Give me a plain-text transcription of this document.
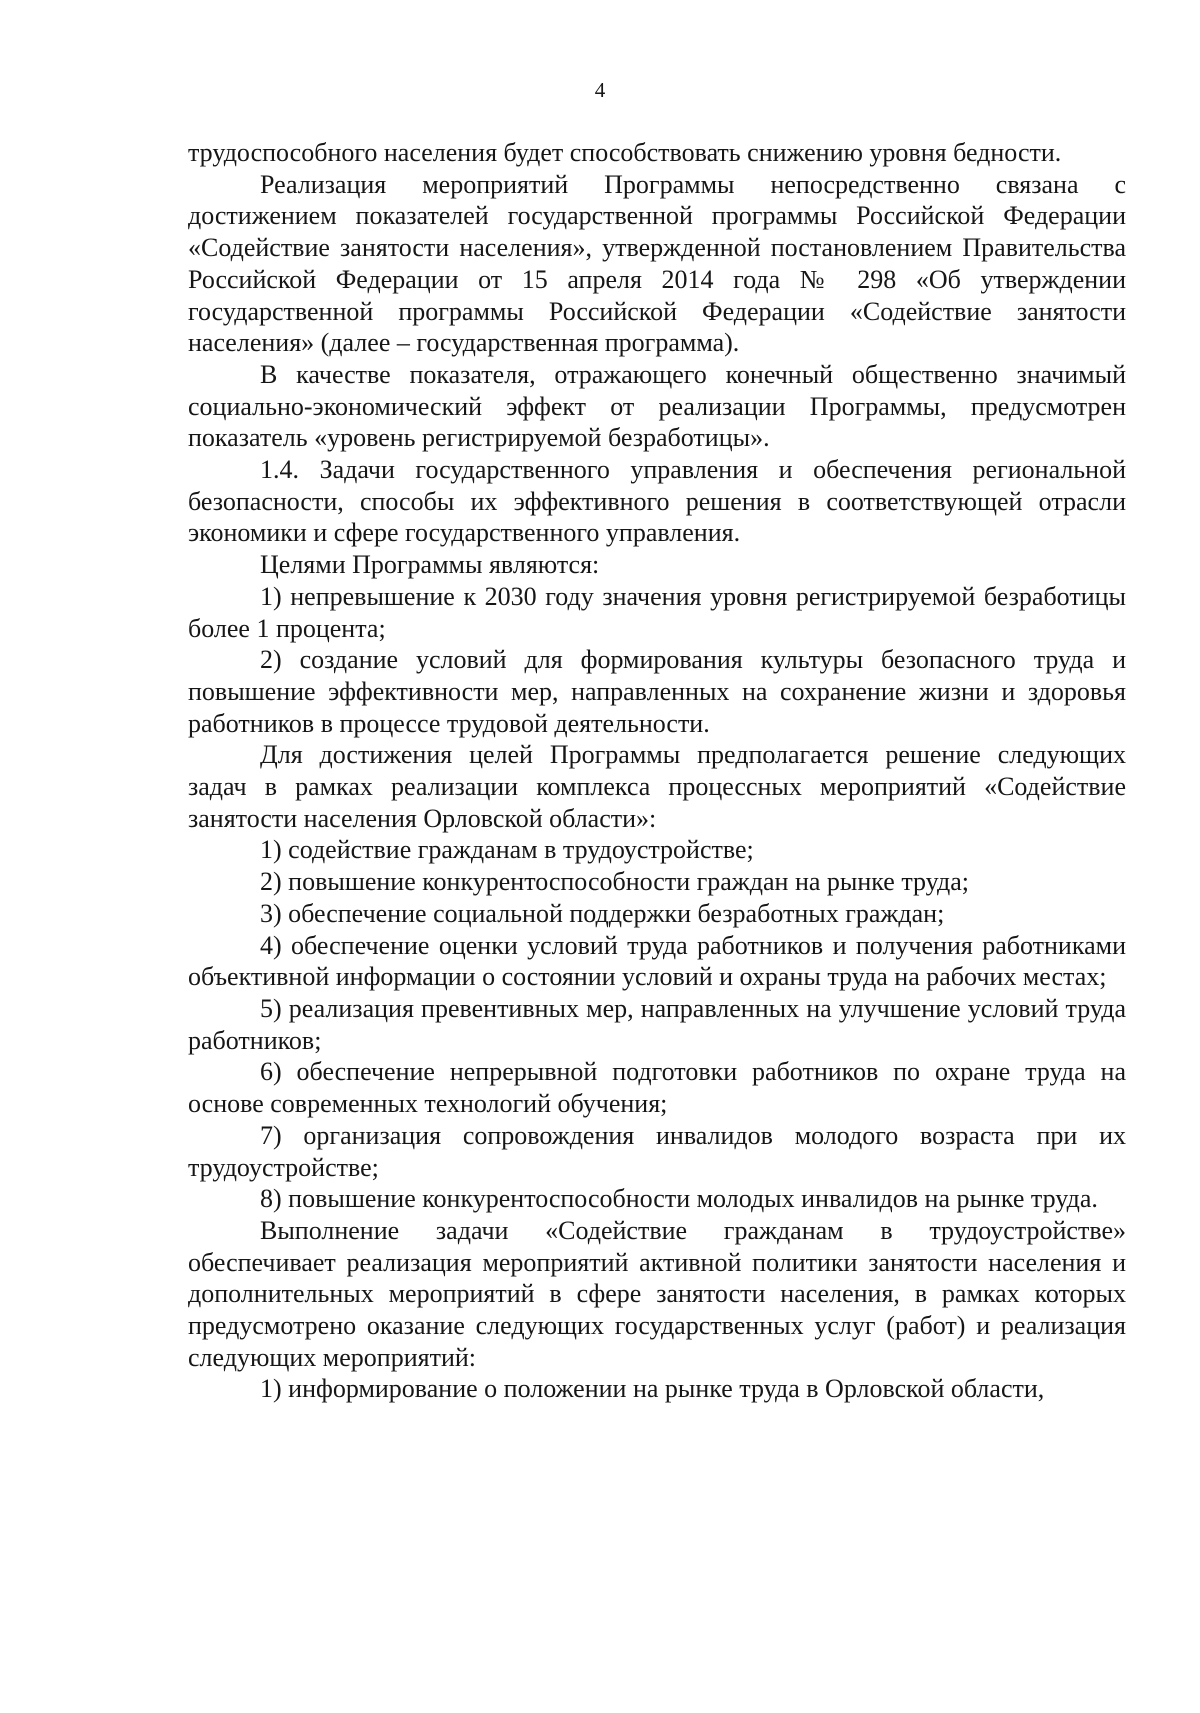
4

трудоспособного населения будет способствовать снижению уровня бедности.

Реализация мероприятий Программы непосредственно связана с достижением показателей государственной программы Российской Федерации «Содействие занятости населения», утвержденной постановлением Правительства Российской Федерации от 15 апреля 2014 года № 298 «Об утверждении государственной программы Российской Федерации «Содействие занятости населения» (далее – государственная программа).

В качестве показателя, отражающего конечный общественно значимый социально-экономический эффект от реализации Программы, предусмотрен показатель «уровень регистрируемой безработицы».

1.4. Задачи государственного управления и обеспечения региональной безопасности, способы их эффективного решения в соответствующей отрасли экономики и сфере государственного управления.

Целями Программы являются:

1) непревышение к 2030 году значения уровня регистрируемой безработицы более 1 процента;

2) создание условий для формирования культуры безопасного труда и повышение эффективности мер, направленных на сохранение жизни и здоровья работников в процессе трудовой деятельности.

Для достижения целей Программы предполагается решение следующих задач в рамках реализации комплекса процессных мероприятий «Содействие занятости населения Орловской области»:

1) содействие гражданам в трудоустройстве;

2) повышение конкурентоспособности граждан на рынке труда;

3) обеспечение социальной поддержки безработных граждан;

4) обеспечение оценки условий труда работников и получения работниками объективной информации о состоянии условий и охраны труда на рабочих местах;

5) реализация превентивных мер, направленных на улучшение условий труда работников;

6) обеспечение непрерывной подготовки работников по охране труда на основе современных технологий обучения;

7) организация сопровождения инвалидов молодого возраста при их трудоустройстве;

8) повышение конкурентоспособности молодых инвалидов на рынке труда.

Выполнение задачи «Содействие гражданам в трудоустройстве» обеспечивает реализация мероприятий активной политики занятости населения и дополнительных мероприятий в сфере занятости населения, в рамках которых предусмотрено оказание следующих государственных услуг (работ) и реализация следующих мероприятий:

1) информирование о положении на рынке труда в Орловской области,
